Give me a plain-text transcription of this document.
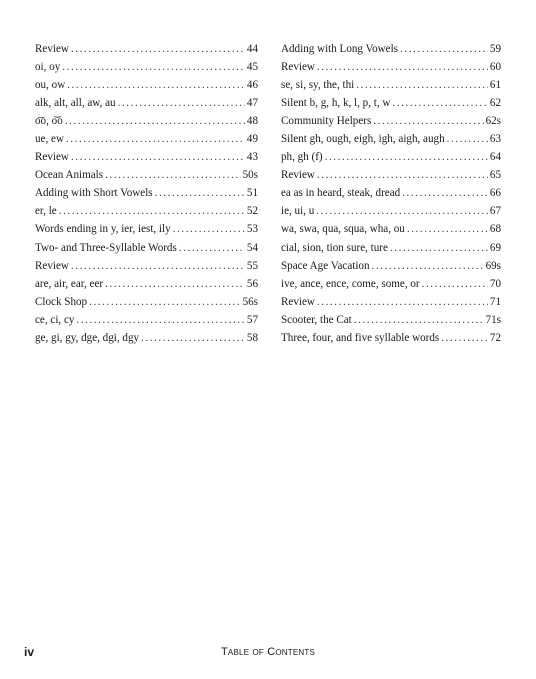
Review . . .	44
oi, oy . . .	45
ou, ow . . .	46
alk, alt, all, aw, au . . .	47
o͞o, o͝o . . .	48
ue, ew . . .	49
Review . . .	43
Ocean Animals . . .	50s
Adding with Short Vowels . . .	51
er, le . . .	52
Words ending in y, ier, iest, ily . . .	53
Two- and Three-Syllable Words . . .	54
Review . . .	55
are, air, ear, eer . . .	56
Clock Shop . . .	56s
ce, ci, cy . . .	57
ge, gi, gy, dge, dgi, dgy . . .	58
Adding with Long Vowels . . .	59
Review . . .	60
se, si, sy, the, thi . . .	61
Silent b, g, h, k, l, p, t, w . . .	62
Community Helpers . . .	62s
Silent gh, ough, eigh, igh, aigh, augh . . .	63
ph, gh (f) . . .	64
Review . . .	65
ea as in heard, steak, dread . . .	66
ie, ui, u . . .	67
wa, swa, qua, squa, wha, ou . . .	68
cial, sion, tion sure, ture . . .	69
Space Age Vacation . . .	69s
ive, ance, ence, come, some, or . . .	70
Review . . .	71
Scooter, the Cat . . .	71s
Three, four, and five syllable words . . .	72
iv	Table of Contents
